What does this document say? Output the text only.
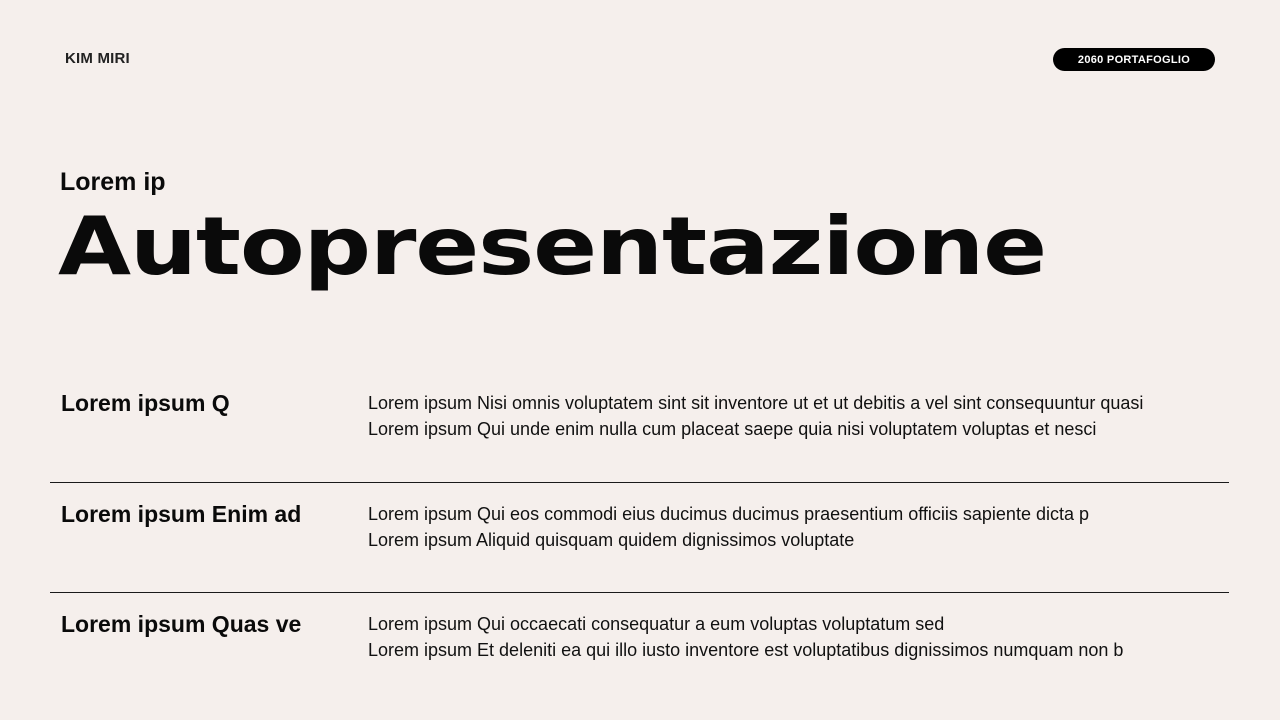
KIM MIRI	2060 PORTAFOGLIO
Lorem ip
Autopresentazione
Lorem ipsum Q	Lorem ipsum Nisi omnis voluptatem sint sit inventore ut et ut debitis a vel sint consequuntur quasi
Lorem ipsum Qui unde enim nulla cum placeat saepe quia nisi voluptatem voluptas et nesci
Lorem ipsum Enim ad	Lorem ipsum Qui eos commodi eius ducimus ducimus praesentium officiis sapiente dicta p
Lorem ipsum Aliquid quisquam quidem dignissimos voluptate
Lorem ipsum Quas ve	Lorem ipsum Qui occaecati consequatur a eum voluptas voluptatum sed
Lorem ipsum Et deleniti ea qui illo iusto inventore est voluptatibus dignissimos numquam non b
